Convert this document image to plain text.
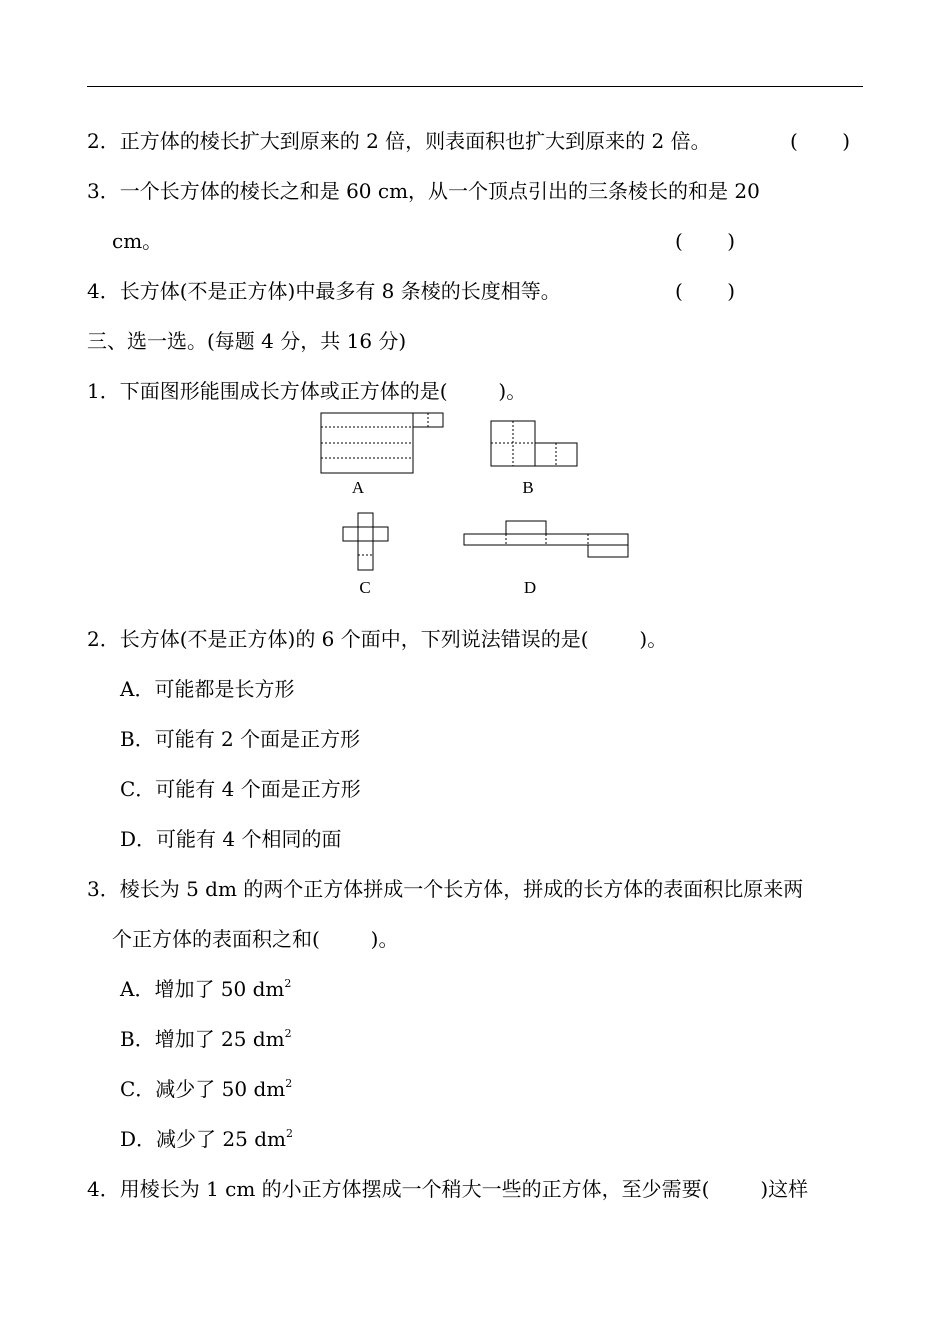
2．正方体的棱长扩大到原来的 2 倍，则表面积也扩大到原来的 2 倍。	(       )
3．一个长方体的棱长之和是 60 cm，从一个顶点引出的三条棱长的和是 20
cm。	(       )
4．长方体(不是正方体)中最多有 8 条棱的长度相等。	(       )
三、选一选。(每题 4 分，共 16 分)
1．下面图形能围成长方体或正方体的是(        )。
A	B
C	D
2．长方体(不是正方体)的 6 个面中，下列说法错误的是(        )。
A．可能都是长方形
B．可能有 2 个面是正方形
C．可能有 4 个面是正方形
D．可能有 4 个相同的面
3．棱长为 5 dm 的两个正方体拼成一个长方体，拼成的长方体的表面积比原来两
个正方体的表面积之和(        )。
A．增加了 50 $dm^2$
B．增加了 25 $dm^2$
C．减少了 50 $dm^2$
D．减少了 25 $dm^2$
4．用棱长为 1 cm 的小正方体摆成一个稍大一些的正方体，至少需要(        )这样
